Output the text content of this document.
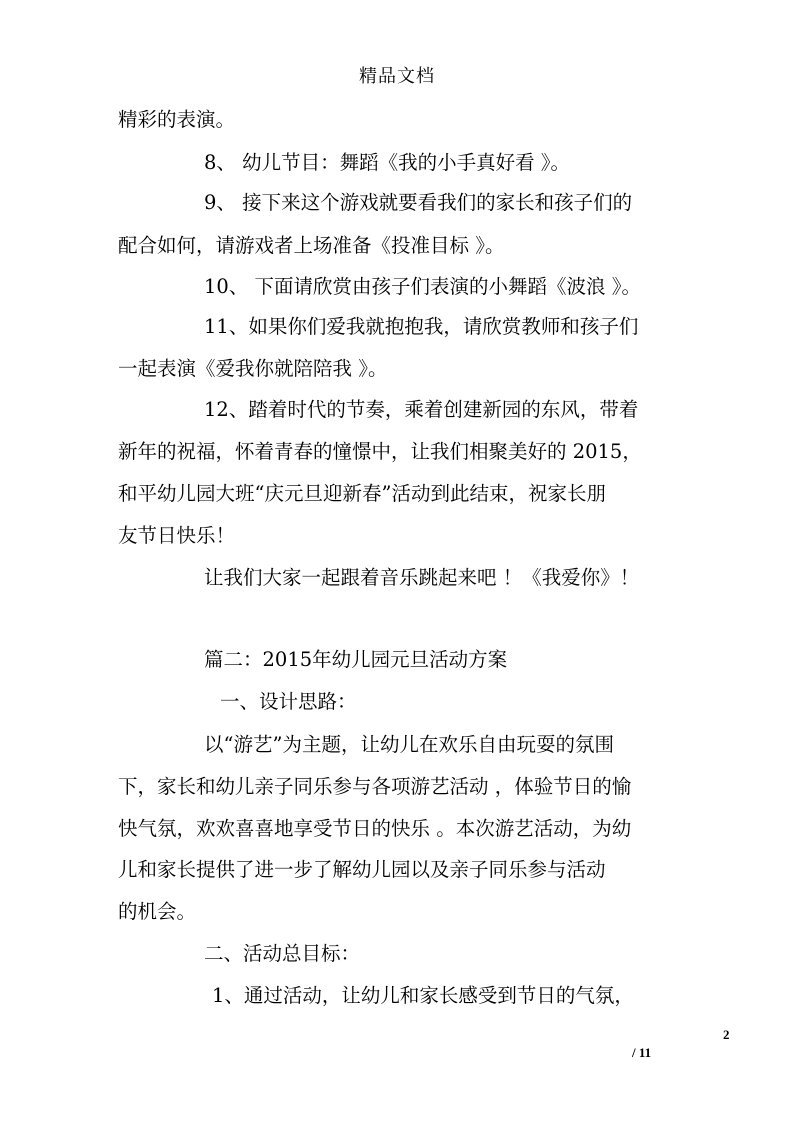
精品文档
精彩的表演。
8、 幼儿节目：舞蹈《我的小手真好看 》。
9、 接下来这个游戏就要看我们的家长和孩子们的
配合如何，请游戏者上场准备《投准目标 》。
10、 下面请欣赏由孩子们表演的小舞蹈《波浪 》。
11、如果你们爱我就抱抱我，请欣赏教师和孩子们
一起表演《爱我你就陪陪我 》。
12、踏着时代的节奏，乘着创建新园的东风，带着
新年的祝福，怀着青春的憧憬中，让我们相聚美好的 2015，
和平幼儿园大班“庆元旦迎新春”活动到此结束，祝家长朋
友节日快乐！
让我们大家一起跟着音乐跳起来吧 ！《我爱你》！
篇二：2015年幼儿园元旦活动方案
一、设计思路：
以“游艺”为主题，让幼儿在欢乐自由玩耍的氛围
下，家长和幼儿亲子同乐参与各项游艺活动 ，体验节日的愉
快气氛，欢欢喜喜地享受节日的快乐 。本次游艺活动，为幼
儿和家长提供了进一步了解幼儿园以及亲子同乐参与活动
的机会。
二、活动总目标：
1、通过活动，让幼儿和家长感受到节日的气氛，
2
/ 11
